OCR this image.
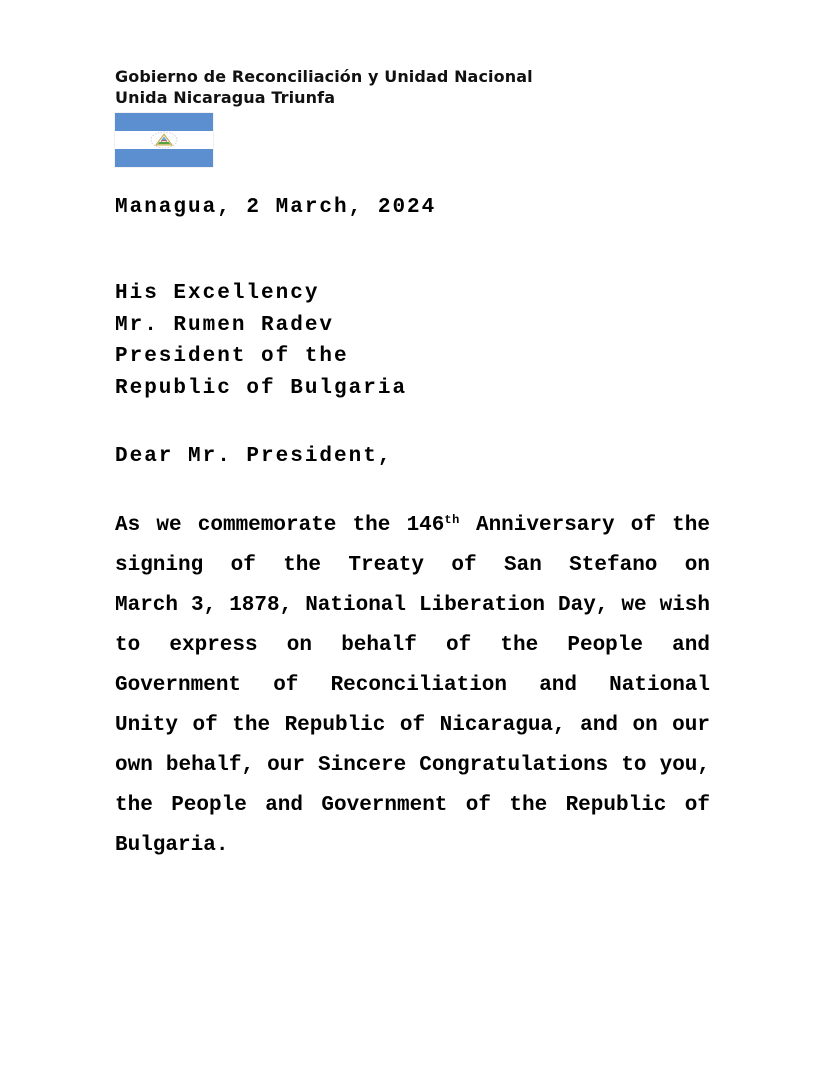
Gobierno de Reconciliación y Unidad Nacional
Unida Nicaragua Triunfa
Managua, 2 March, 2024
His Excellency
Mr. Rumen Radev
President of the
Republic of Bulgaria
Dear Mr. President,
As we commemorate the 146th Anniversary of the
signing of the Treaty of San Stefano on
March 3, 1878, National Liberation Day, we wish
to express on behalf of the People and
Government of Reconciliation and National
Unity of the Republic of Nicaragua, and on our
own behalf, our Sincere Congratulations to you,
the People and Government of the Republic of
Bulgaria.
